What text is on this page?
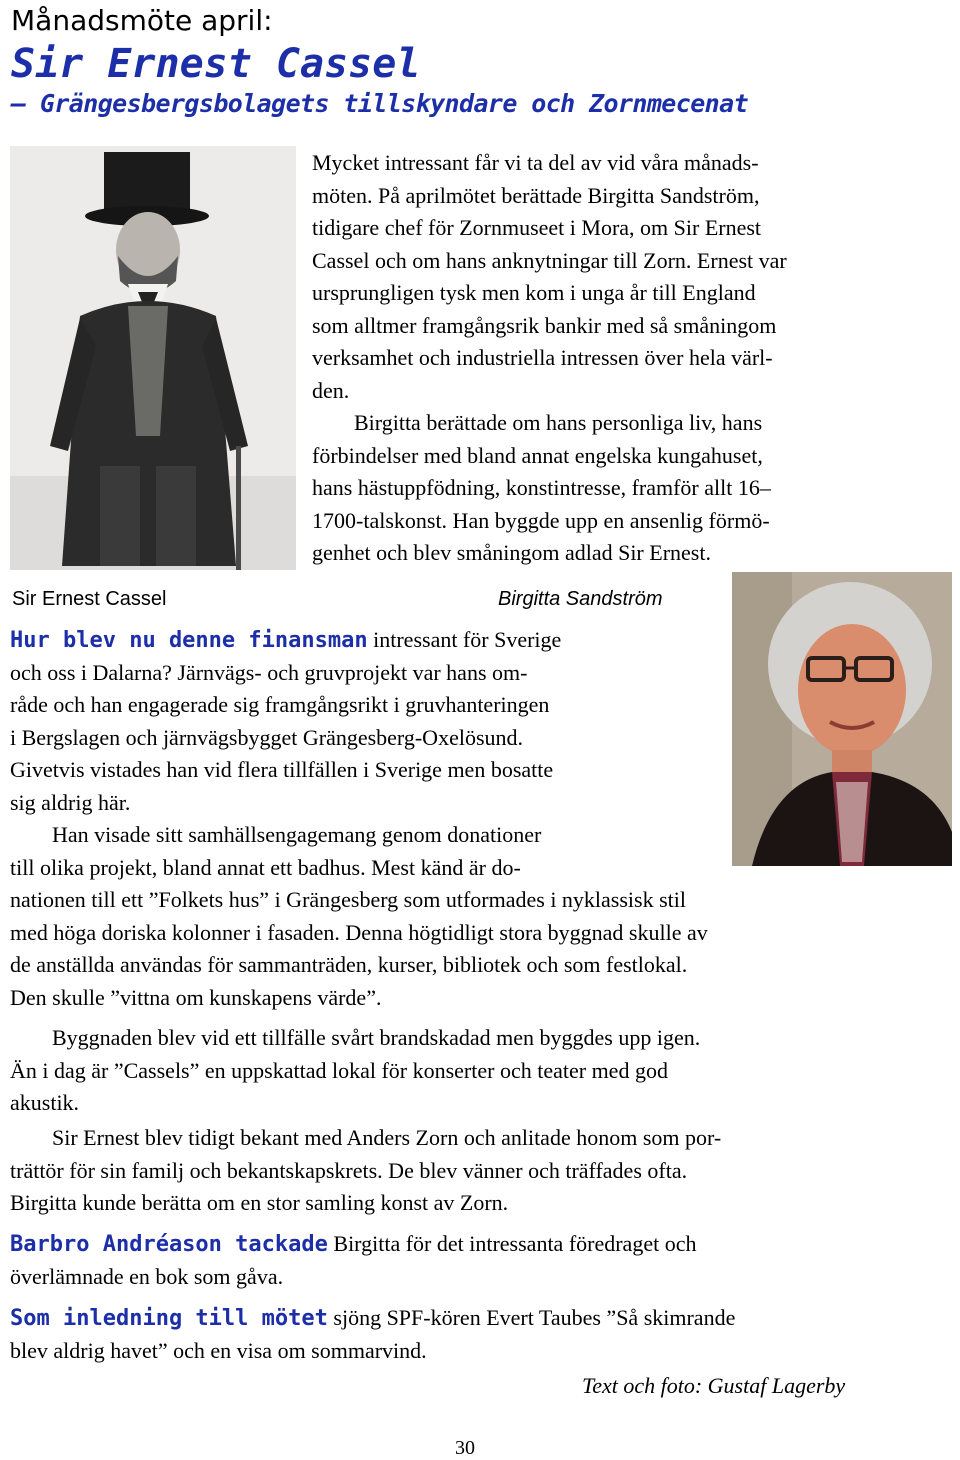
Månadsmöte april:
Sir Ernest Cassel
– Grängesbergsbolagets tillskyndare och Zornmecenat
Mycket intressant får vi ta del av vid våra månads-
möten. På aprilmötet berättade Birgitta Sandström,
tidigare chef för Zornmuseet i Mora, om Sir Ernest
Cassel och om hans anknytningar till Zorn. Ernest var
ursprungligen tysk men kom i unga år till England
som alltmer framgångsrik bankir med så småningom
verksamhet och industriella intressen över hela värl-
den.
Birgitta berättade om hans personliga liv, hans
förbindelser med bland annat engelska kungahuset,
hans hästuppfödning, konstintresse, framför allt 16–
1700-talskonst. Han byggde upp en ansenlig förmö-
genhet och blev småningom adlad Sir Ernest.

Sir Ernest Cassel	Birgitta Sandström

Hur blev nu denne finansman intressant för Sverige
och oss i Dalarna? Järnvägs- och gruvprojekt var hans om-
råde och han engagerade sig framgångsrikt i gruvhanteringen
i Bergslagen och järnvägsbygget Grängesberg-Oxelösund.
Givetvis vistades han vid flera tillfällen i Sverige men bosatte
sig aldrig här.
Han visade sitt samhällsengagemang genom donationer
till olika projekt, bland annat ett badhus. Mest känd är do-
nationen till ett ”Folkets hus” i Grängesberg som utformades i nyklassisk stil
med höga doriska kolonner i fasaden. Denna högtidligt stora byggnad skulle av
de anställda användas för sammanträden, kurser, bibliotek och som festlokal.
Den skulle ”vittna om kunskapens värde”.
Byggnaden blev vid ett tillfälle svårt brandskadad men byggdes upp igen.
Än i dag är ”Cassels” en uppskattad lokal för konserter och teater med god
akustik.
Sir Ernest blev tidigt bekant med Anders Zorn och anlitade honom som por-
trättör för sin familj och bekantskapskrets. De blev vänner och träffades ofta.
Birgitta kunde berätta om en stor samling konst av Zorn.
Barbro Andréason tackade Birgitta för det intressanta föredraget och
överlämnade en bok som gåva.
Som inledning till mötet sjöng SPF-kören Evert Taubes ”Så skimrande
blev aldrig havet” och en visa om sommarvind.

Text och foto: Gustaf Lagerby

30
